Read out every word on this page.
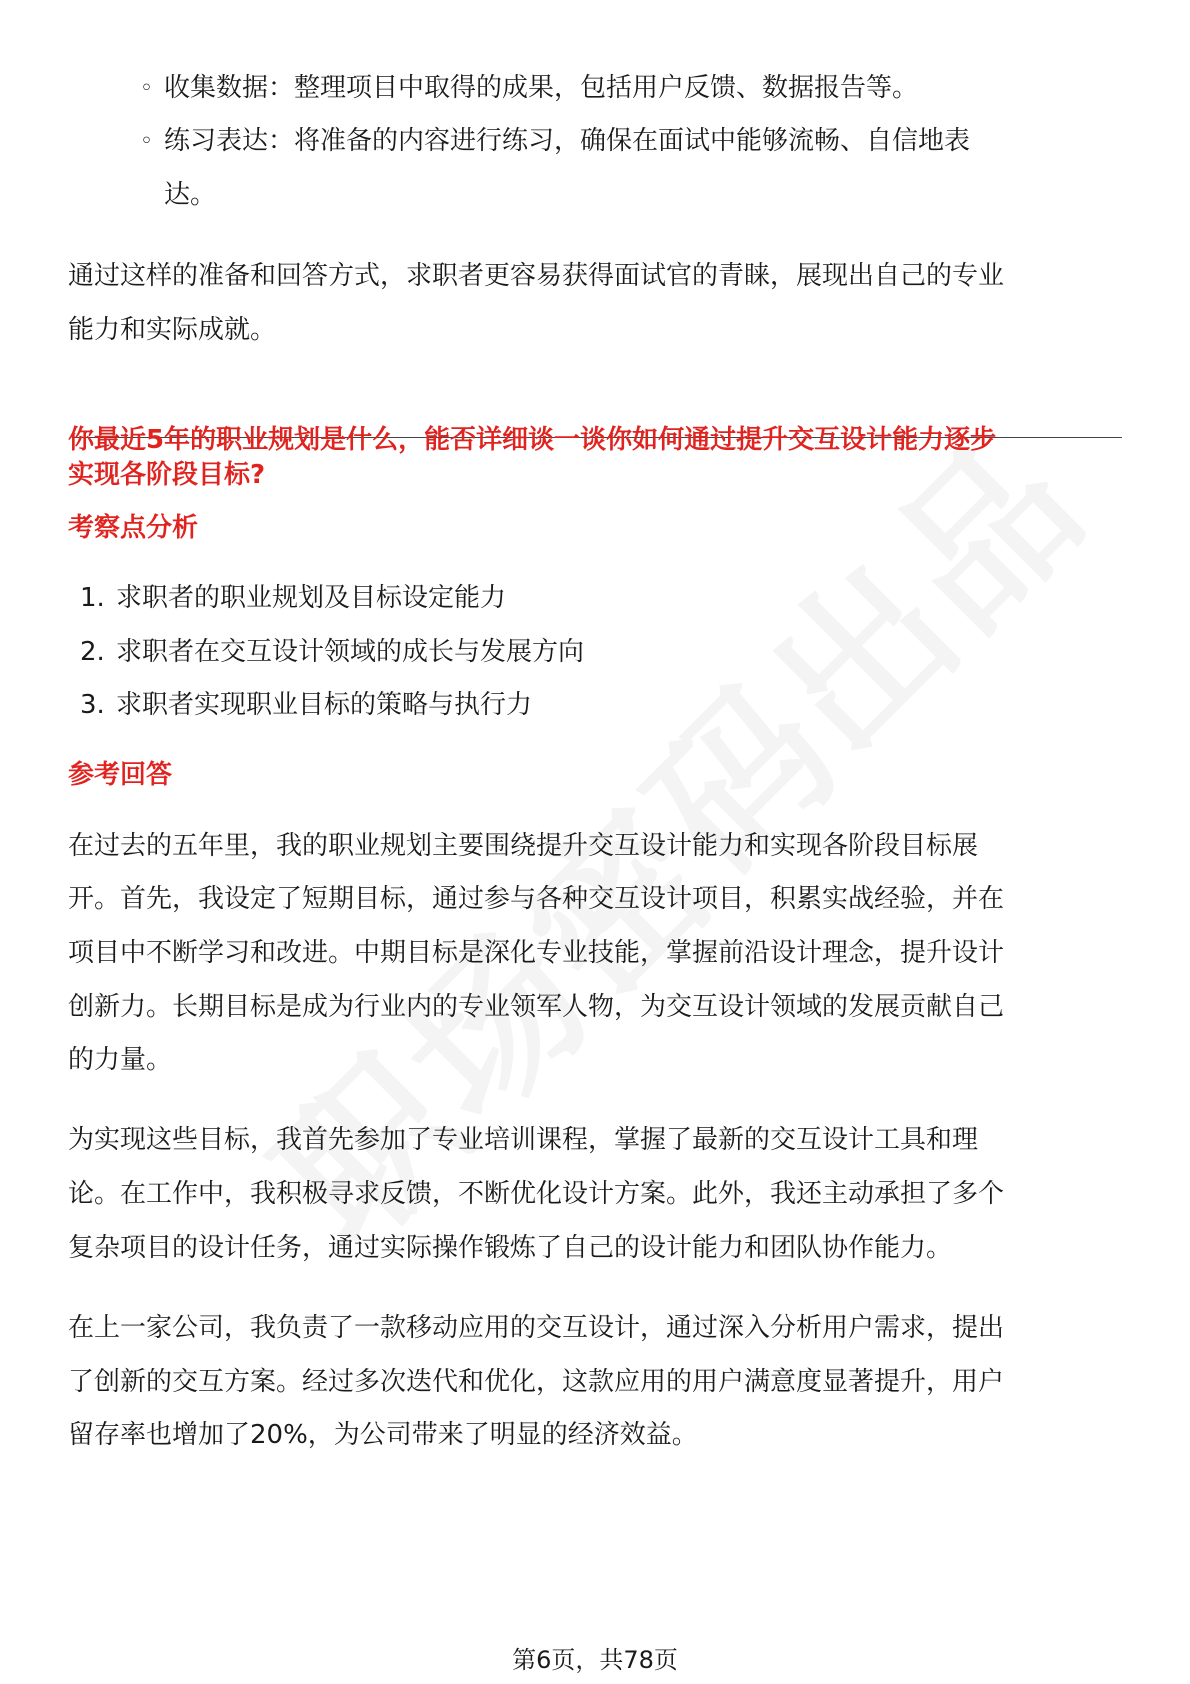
◦ 收集数据：整理项目中取得的成果，包括用户反馈、数据报告等。
◦ 练习表达：将准备的内容进行练习，确保在面试中能够流畅、自信地表
达。
通过这样的准备和回答方式，求职者更容易获得面试官的青睐，展现出自己的专业
能力和实际成就。
你最近5年的职业规划是什么，能否详细谈一谈你如何通过提升交互设计能力逐步
实现各阶段目标?
考察点分析
1. 求职者的职业规划及目标设定能力
2. 求职者在交互设计领域的成长与发展方向
3. 求职者实现职业目标的策略与执行力
参考回答
在过去的五年里，我的职业规划主要围绕提升交互设计能力和实现各阶段目标展
开。首先，我设定了短期目标，通过参与各种交互设计项目，积累实战经验，并在
项目中不断学习和改进。中期目标是深化专业技能，掌握前沿设计理念，提升设计
创新力。长期目标是成为行业内的专业领军人物，为交互设计领域的发展贡献自己
的力量。
为实现这些目标，我首先参加了专业培训课程，掌握了最新的交互设计工具和理
论。在工作中，我积极寻求反馈，不断优化设计方案。此外，我还主动承担了多个
复杂项目的设计任务，通过实际操作锻炼了自己的设计能力和团队协作能力。
在上一家公司，我负责了一款移动应用的交互设计，通过深入分析用户需求，提出
了创新的交互方案。经过多次迭代和优化，这款应用的用户满意度显著提升，用户
留存率也增加了20%，为公司带来了明显的经济效益。
第6页，共78页
